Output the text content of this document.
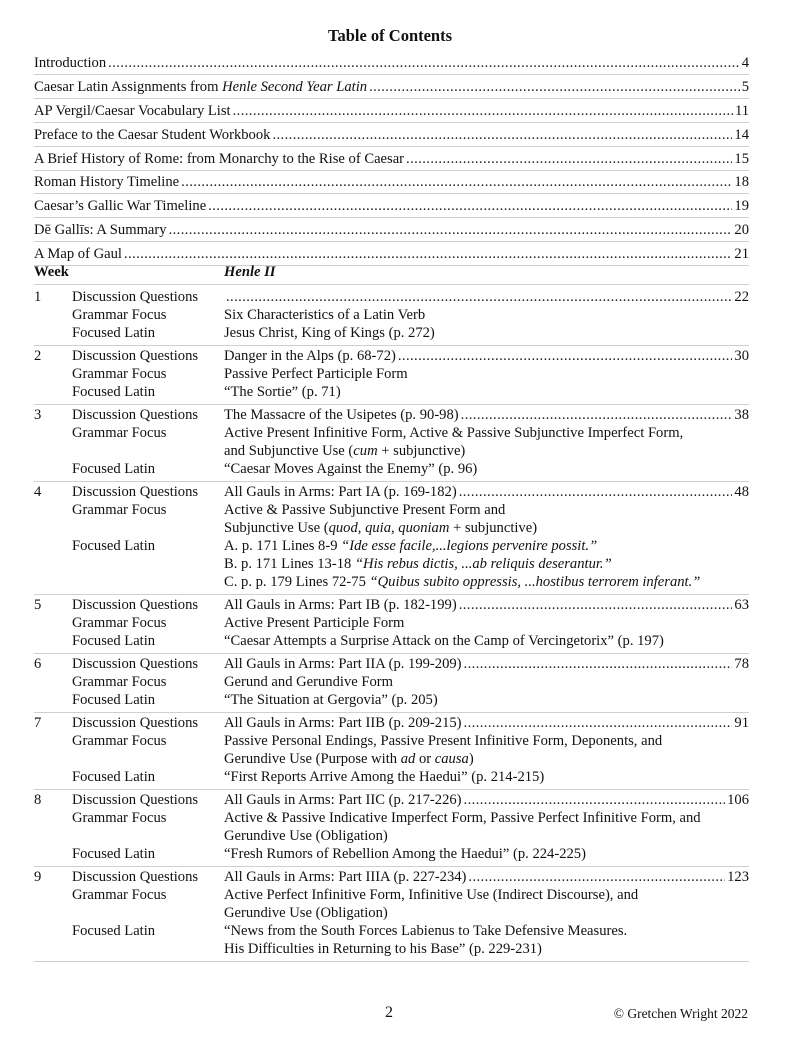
Table of Contents
Introduction .....	4
Caesar Latin Assignments from Henle Second Year Latin .....	5
AP Vergil/Caesar Vocabulary List .....	11
Preface to the Caesar Student Workbook .....	14
A Brief History of Rome: from Monarchy to the Rise of Caesar .....	15
Roman History Timeline .....	18
Caesar’s Gallic War Timeline .....	19
Dē Gallīs: A Summary .....	20
A Map of Gaul .....	21
Week	Henle II
1	Discussion Questions .....	22
Grammar Focus	Six Characteristics of a Latin Verb
Focused Latin	Jesus Christ, King of Kings (p. 272)
2	Discussion Questions	Danger in the Alps (p. 68-72) .....	30
Grammar Focus	Passive Perfect Participle Form
Focused Latin	“The Sortie” (p. 71)
3	Discussion Questions	The Massacre of the Usipetes (p. 90-98) .....	38
Grammar Focus	Active Present Infinitive Form, Active & Passive Subjunctive Imperfect Form,
and Subjunctive Use (cum + subjunctive)
Focused Latin	“Caesar Moves Against the Enemy” (p. 96)
4	Discussion Questions	All Gauls in Arms: Part IA (p. 169-182) .....	48
Grammar Focus	Active & Passive Subjunctive Present Form and
Subjunctive Use (quod, quia, quoniam + subjunctive)
Focused Latin	A. p. 171 Lines 8-9 “Ide esse facile,...legions pervenire possit.”
B. p. 171 Lines 13-18 “His rebus dictis, ...ab reliquis deserantur.”
C. p. p. 179 Lines 72-75 “Quibus subito oppressis, ...hostibus terrorem inferant.”
5	Discussion Questions	All Gauls in Arms: Part IB (p. 182-199) .....	63
Grammar Focus	Active Present Participle Form
Focused Latin	“Caesar Attempts a Surprise Attack on the Camp of Vercingetorix” (p. 197)
6	Discussion Questions	All Gauls in Arms: Part IIA (p. 199-209) .....	78
Grammar Focus	Gerund and Gerundive Form
Focused Latin	“The Situation at Gergovia” (p. 205)
7	Discussion Questions	All Gauls in Arms: Part IIB (p. 209-215) .....	91
Grammar Focus	Passive Personal Endings, Passive Present Infinitive Form, Deponents, and
Gerundive Use (Purpose with ad or causa)
Focused Latin	“First Reports Arrive Among the Haedui” (p. 214-215)
8	Discussion Questions	All Gauls in Arms: Part IIC (p. 217-226) .....	106
Grammar Focus	Active & Passive Indicative Imperfect Form, Passive Perfect Infinitive Form, and
Gerundive Use (Obligation)
Focused Latin	“Fresh Rumors of Rebellion Among the Haedui” (p. 224-225)
9	Discussion Questions	All Gauls in Arms: Part IIIA (p. 227-234) .....	123
Grammar Focus	Active Perfect Infinitive Form, Infinitive Use (Indirect Discourse), and
Gerundive Use (Obligation)
Focused Latin	“News from the South Forces Labienus to Take Defensive Measures.
His Difficulties in Returning to his Base” (p. 229-231)
2	© Gretchen Wright 2022
